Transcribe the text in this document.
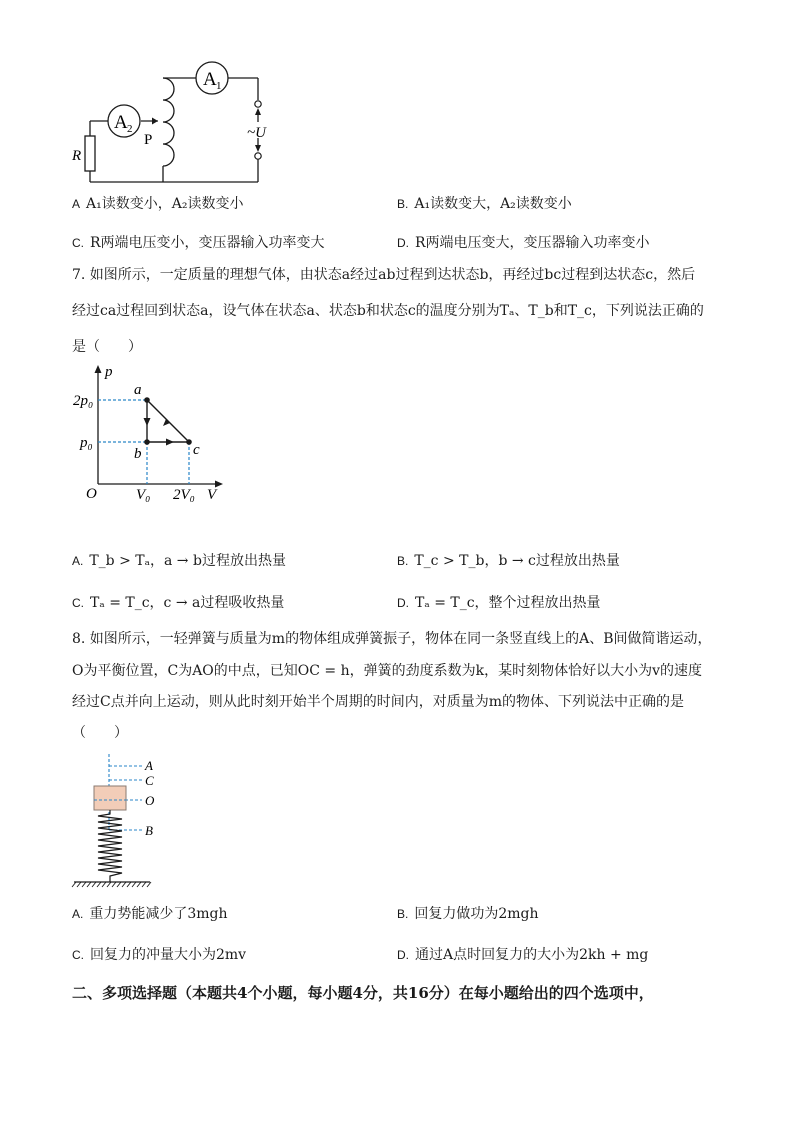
A 1
A 2
R
P	~U
A A₁读数变小，A₂读数变小	B. A₁读数变大，A₂读数变小
C. R两端电压变小，变压器输入功率变大	D. R两端电压变大，变压器输入功率变小
7. 如图所示，一定质量的理想气体，由状态a经过ab过程到达状态b，再经过bc过程到达状态c，然后
经过ca过程回到状态a，设气体在状态a、状态b和状态c的温度分别为Tₐ、T_b和T_c，下列说法正确的
是（　　）
p
V
O
2p₀
p₀
V₀ 2V₀
a
b	c
A. T_b > Tₐ，a → b过程放出热量	B. T_c > T_b，b → c过程放出热量
C. Tₐ = T_c，c → a过程吸收热量	D. Tₐ = T_c，整个过程放出热量
8. 如图所示，一轻弹簧与质量为m的物体组成弹簧振子，物体在同一条竖直线上的A、B间做简谐运动，
O为平衡位置，C为AO的中点，已知OC = h，弹簧的劲度系数为k，某时刻物体恰好以大小为v的速度
经过C点并向上运动，则从此时刻开始半个周期的时间内，对质量为m的物体、下列说法中正确的是
（　　）
A
C
O
B
A. 重力势能减少了3mgh	B. 回复力做功为2mgh
C. 回复力的冲量大小为2mv	D. 通过A点时回复力的大小为2kh + mg
二、多项选择题（本题共4个小题，每小题4分，共16分）在每小题给出的四个选项中，
